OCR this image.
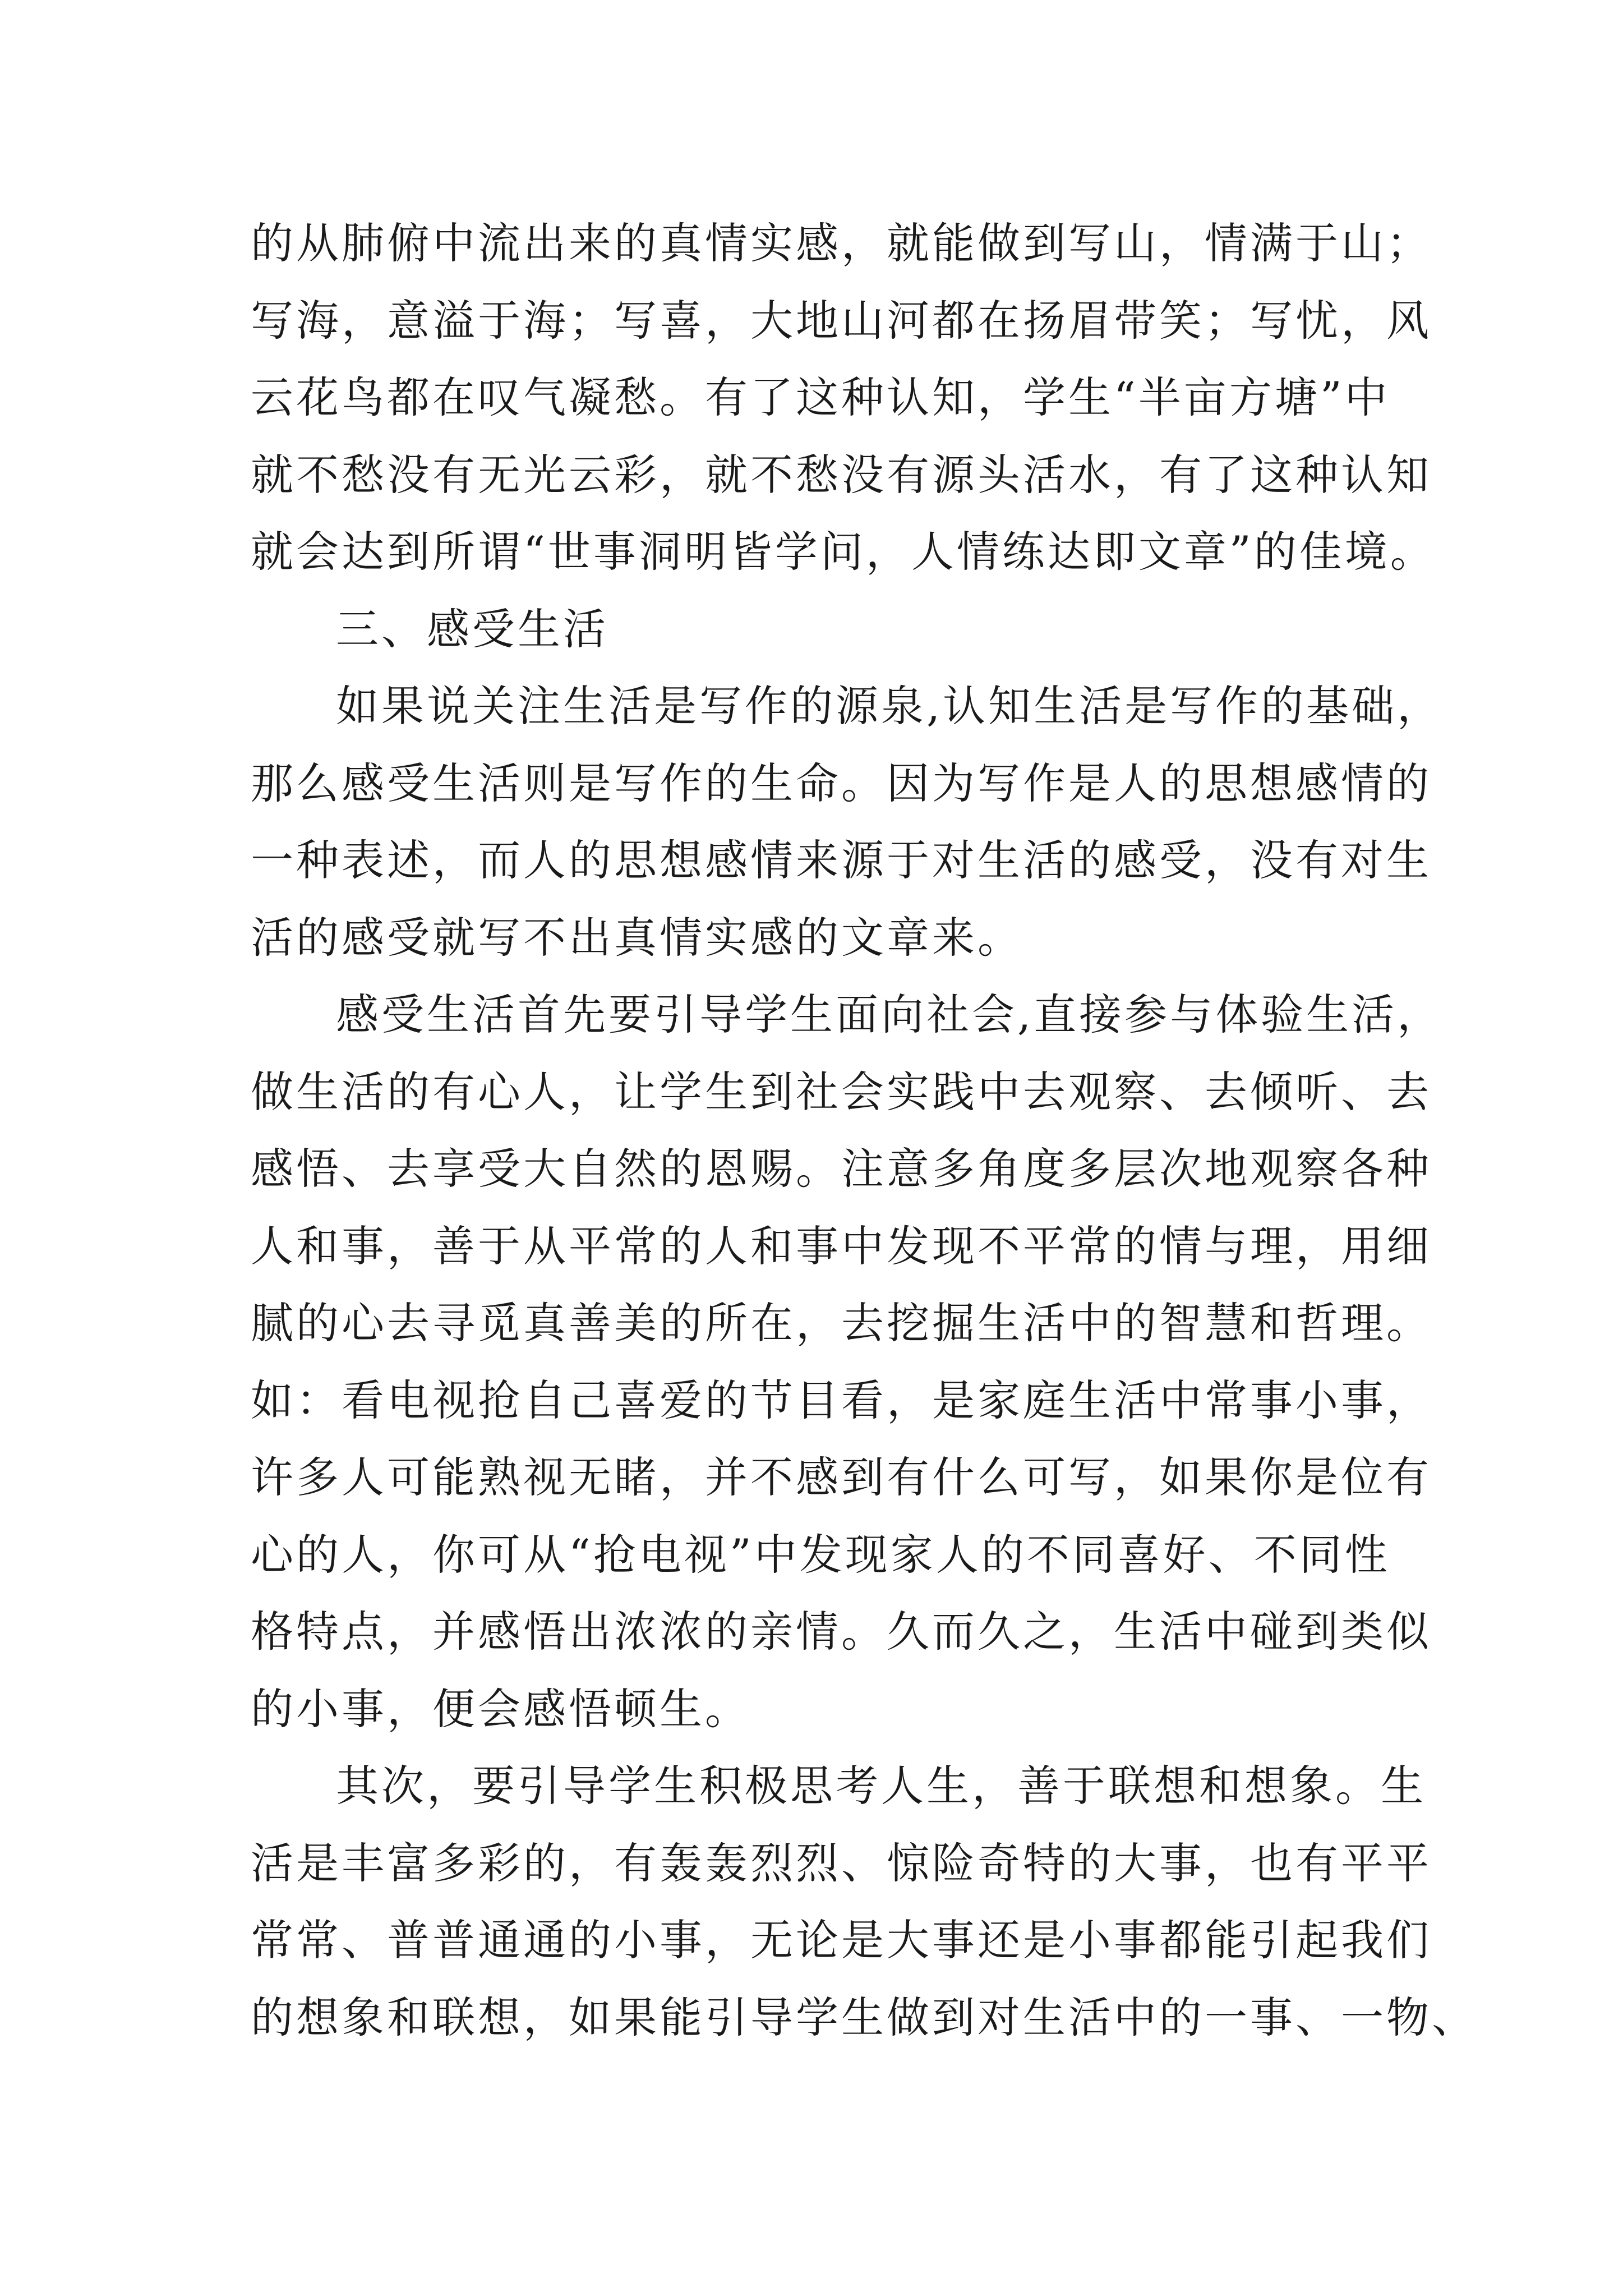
的从肺俯中流出来的真情实感，就能做到写山，情满于山；
写海，意溢于海；写喜，大地山河都在扬眉带笑；写忧，风
云花鸟都在叹气凝愁。有了这种认知，学生“半亩方塘”中
就不愁没有无光云彩，就不愁没有源头活水，有了这种认知
就会达到所谓“世事洞明皆学问，人情练达即文章”的佳境。
三、感受生活
如果说关注生活是写作的源泉,认知生活是写作的基础，
那么感受生活则是写作的生命。因为写作是人的思想感情的
一种表述，而人的思想感情来源于对生活的感受，没有对生
活的感受就写不出真情实感的文章来。
感受生活首先要引导学生面向社会,直接参与体验生活，
做生活的有心人，让学生到社会实践中去观察、去倾听、去
感悟、去享受大自然的恩赐。注意多角度多层次地观察各种
人和事，善于从平常的人和事中发现不平常的情与理，用细
腻的心去寻觅真善美的所在，去挖掘生活中的智慧和哲理。
如：看电视抢自己喜爱的节目看，是家庭生活中常事小事，
许多人可能熟视无睹，并不感到有什么可写，如果你是位有
心的人，你可从“抢电视”中发现家人的不同喜好、不同性
格特点，并感悟出浓浓的亲情。久而久之，生活中碰到类似
的小事，便会感悟顿生。
其次，要引导学生积极思考人生，善于联想和想象。生
活是丰富多彩的，有轰轰烈烈、惊险奇特的大事，也有平平
常常、普普通通的小事，无论是大事还是小事都能引起我们
的想象和联想，如果能引导学生做到对生活中的一事、一物、
